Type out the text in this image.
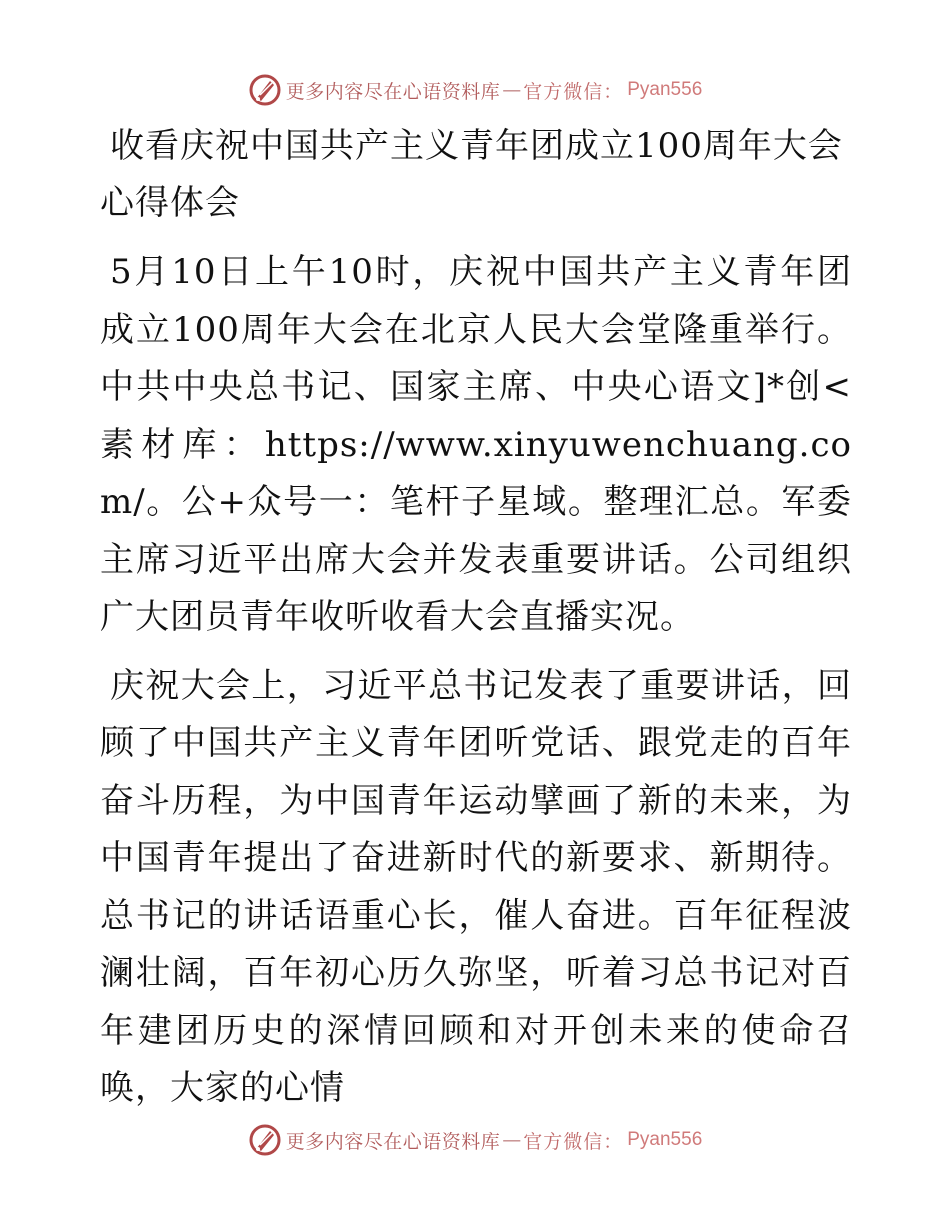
更多内容尽在心语资料库 — 官方微信： Pyan556
收看庆祝中国共产主义青年团成立100周年大会心得体会

5月10日上午10时，庆祝中国共产主义青年团成立100周年大会在北京人民大会堂隆重举行。中共中央总书记、国家主席、中央心语文]*创<素材库：https://www.xinyuwenchuang.com/。公+众号一：笔杆子星域。整理汇总。军委主席习近平出席大会并发表重要讲话。公司组织广大团员青年收听收看大会直播实况。

庆祝大会上，习近平总书记发表了重要讲话，回顾了中国共产主义青年团听党话、跟党走的百年奋斗历程，为中国青年运动擘画了新的未来，为中国青年提出了奋进新时代的新要求、新期待。总书记的讲话语重心长，催人奋进。百年征程波澜壮阔，百年初心历久弥坚，听着习总书记对百年建团历史的深情回顾和对开创未来的使命召唤，大家的心情

更多内容尽在心语资料库 — 官方微信： Pyan556
